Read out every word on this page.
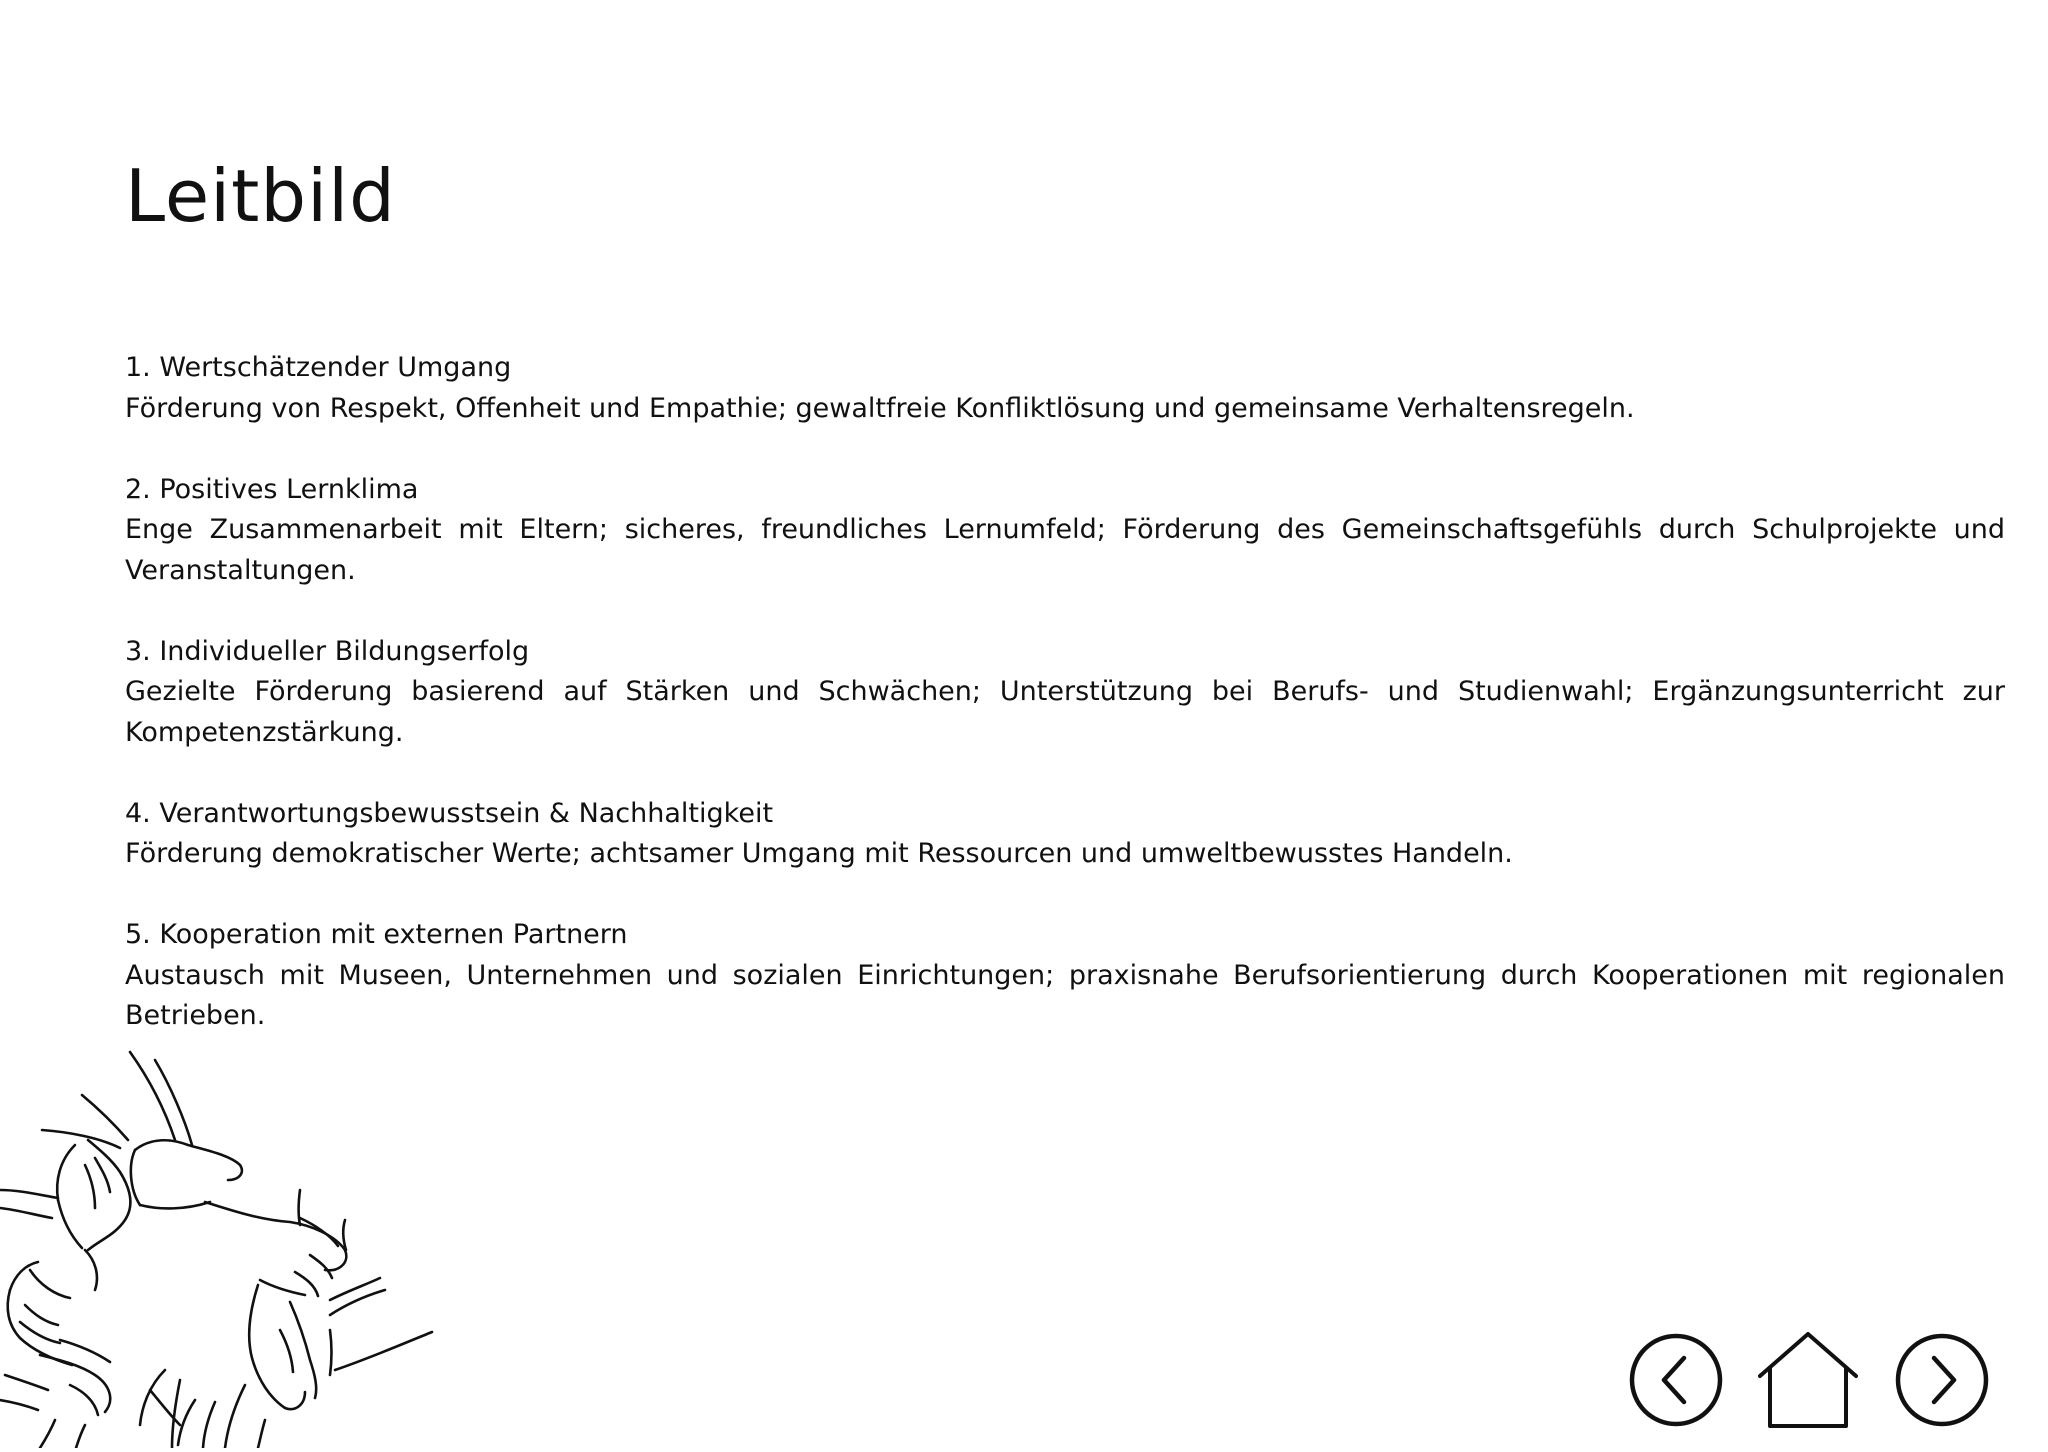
Leitbild
1. Wertschätzender Umgang
Förderung von Respekt, Offenheit und Empathie; gewaltfreie Konfliktlösung und gemeinsame Verhaltensregeln.
2. Positives Lernklima
Enge Zusammenarbeit mit Eltern; sicheres, freundliches Lernumfeld; Förderung des Gemeinschaftsgefühls durch Schulprojekte und Veranstaltungen.
3. Individueller Bildungserfolg
Gezielte Förderung basierend auf Stärken und Schwächen; Unterstützung bei Berufs- und Studienwahl; Ergänzungsunterricht zur Kompetenzstärkung.
4. Verantwortungsbewusstsein & Nachhaltigkeit
Förderung demokratischer Werte; achtsamer Umgang mit Ressourcen und umweltbewusstes Handeln.
5. Kooperation mit externen Partnern
Austausch mit Museen, Unternehmen und sozialen Einrichtungen; praxisnahe Berufsorientierung durch Kooperationen mit regionalen Betrieben.
